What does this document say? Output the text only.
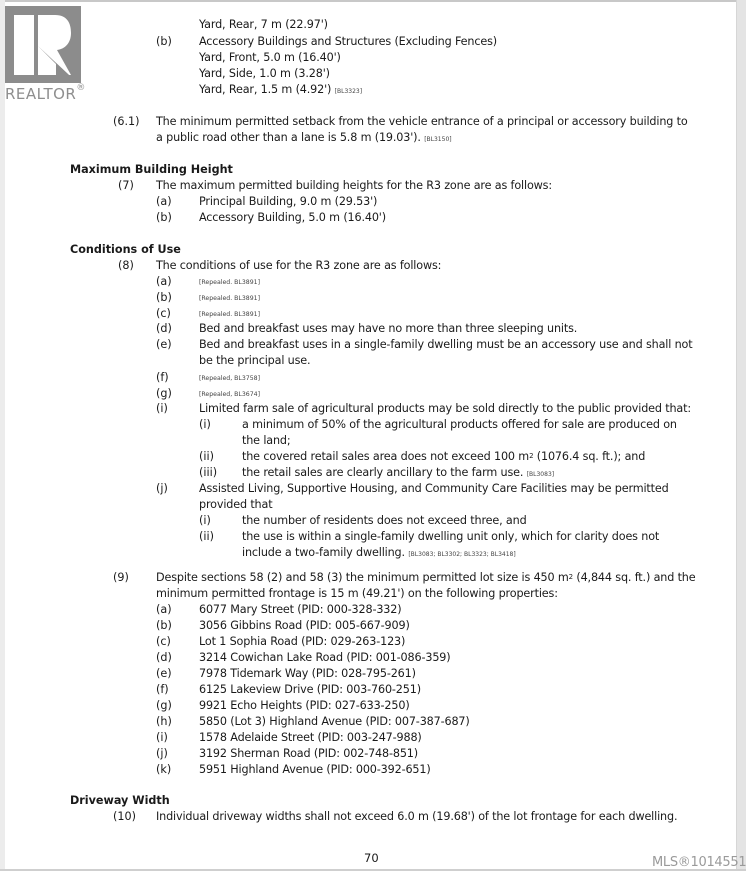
REALTOR®
Yard, Rear, 7 m (22.97')
(b) Accessory Buildings and Structures (Excluding Fences)
Yard, Front, 5.0 m (16.40')
Yard, Side, 1.0 m (3.28')
Yard, Rear, 1.5 m (4.92') [BL3323]
(6.1) The minimum permitted setback from the vehicle entrance of a principal or accessory building to
a public road other than a lane is 5.8 m (19.03'). [BL3150]
Maximum Building Height
(7) The maximum permitted building heights for the R3 zone are as follows:
(a) Principal Building, 9.0 m (29.53')
(b) Accessory Building, 5.0 m (16.40')
Conditions of Use
(8) The conditions of use for the R3 zone are as follows:
(a)	[Repealed. BL3891]
(b)	[Repealed. BL3891]
(c)	[Repealed. BL3891]
(d) Bed and breakfast uses may have no more than three sleeping units.
(e) Bed and breakfast uses in a single-family dwelling must be an accessory use and shall not
be the principal use.
(f)	[Repealed, BL3758]
(g)	[Repealed, BL3674]
(i)	Limited farm sale of agricultural products may be sold directly to the public provided that:
(i)	a minimum of 50% of the agricultural products offered for sale are produced on
the land;
(ii)	the covered retail sales area does not exceed 100 $m^2$ (1076.4 sq. ft.); and
(iii) the retail sales are clearly ancillary to the farm use. [BL3083]
(j)	Assisted Living, Supportive Housing, and Community Care Facilities may be permitted
provided that
(i)	the number of residents does not exceed three, and
(ii)	the use is within a single-family dwelling unit only, which for clarity does not
include a two-family dwelling. [BL3083; BL3302; BL3323; BL3418]
(9) Despite sections 58 (2) and 58 (3) the minimum permitted lot size is 450 $m^2$ (4,844 sq. ft.) and the
minimum permitted frontage is 15 m (49.21') on the following properties:
(a) 6077 Mary Street (PID: 000-328-332)
(b) 3056 Gibbins Road (PID: 005-667-909)
(c)	Lot 1 Sophia Road (PID: 029-263-123)
(d) 3214 Cowichan Lake Road (PID: 001-086-359)
(e) 7978 Tidemark Way (PID: 028-795-261)
(f)	6125 Lakeview Drive (PID: 003-760-251)
(g) 9921 Echo Heights (PID: 027-633-250)
(h) 5850 (Lot 3) Highland Avenue (PID: 007-387-687)
(i)	1578 Adelaide Street (PID: 003-247-988)
(j)	3192 Sherman Road (PID: 002-748-851)
(k) 5951 Highland Avenue (PID: 000-392-651)
Driveway Width
(10) Individual driveway widths shall not exceed 6.0 m (19.68') of the lot frontage for each dwelling.
70	MLS®1014551
